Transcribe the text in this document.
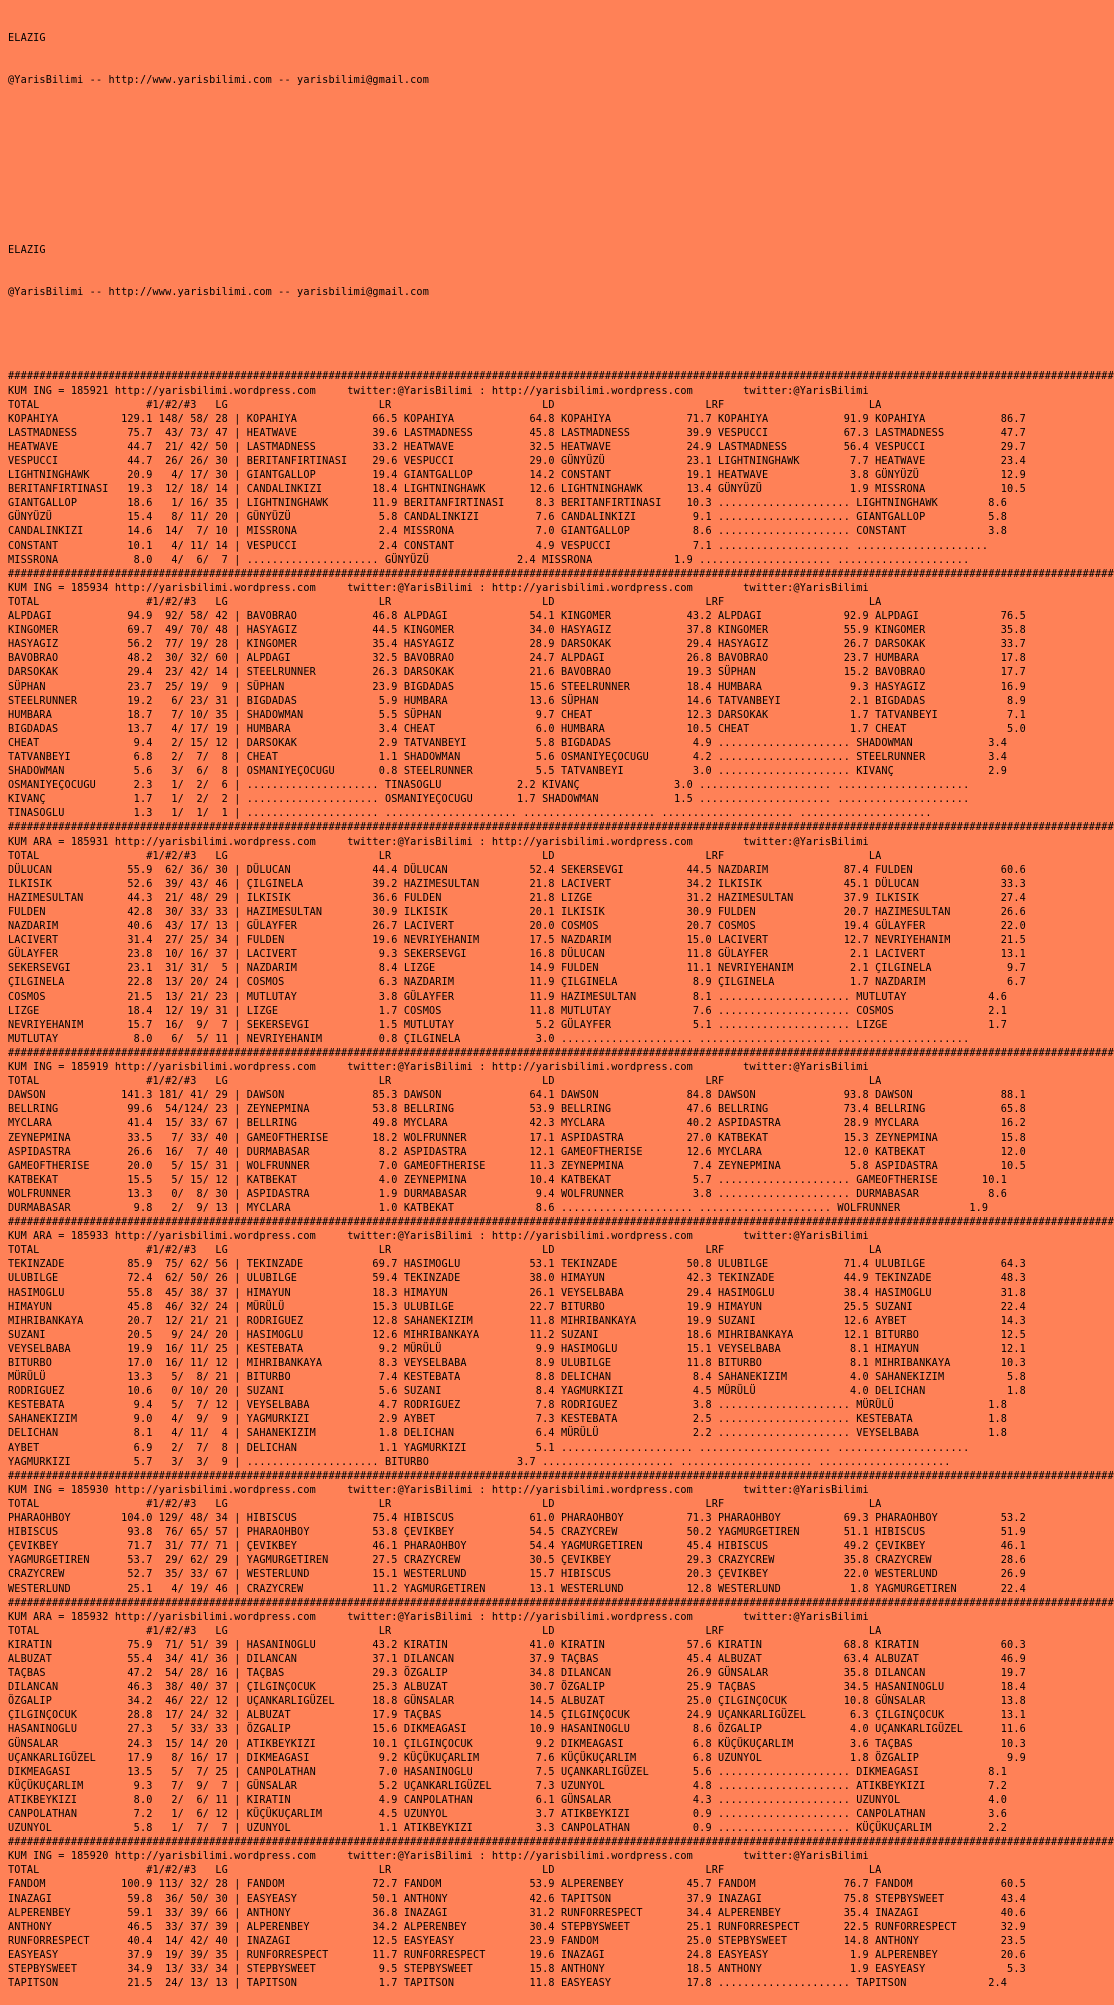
ELAZIG

@YarisBilimi -- http://www.yarisbilimi.com -- yarisbilimi@gmail.com

ELAZIG

@YarisBilimi -- http://www.yarisbilimi.com -- yarisbilimi@gmail.com

################################################################################################################################################################################
KUM ING = 185921 http://yarisbilimi.wordpress.com     twitter:@YarisBilimi : http://yarisbilimi.wordpress.com        twitter:@YarisBilimi
TOTAL                 #1/#2/#3   LG                        LR                        LD                        LRF                       LA
KOPAHIYA          129.1 148/ 58/ 28 | KOPAHIYA            66.5 KOPAHIYA            64.8 KOPAHIYA            71.7 KOPAHIYA            91.9 KOPAHIYA            86.7
LASTMADNESS        75.7  43/ 73/ 47 | HEATWAVE            39.6 LASTMADNESS         45.8 LASTMADNESS         39.9 VESPUCCI            67.3 LASTMADNESS         47.7
HEATWAVE           44.7  21/ 42/ 50 | LASTMADNESS         33.2 HEATWAVE            32.5 HEATWAVE            24.9 LASTMADNESS         56.4 VESPUCCI            29.7
VESPUCCI           44.7  26/ 26/ 30 | BERITANFIRTINASI    29.6 VESPUCCI            29.0 GÜNYÜZÜ             23.1 LIGHTNINGHAWK        7.7 HEATWAVE            23.4
LIGHTNINGHAWK      20.9   4/ 17/ 30 | GIANTGALLOP         19.4 GIANTGALLOP         14.2 CONSTANT            19.1 HEATWAVE             3.8 GÜNYÜZÜ             12.9
BERITANFIRTINASI   19.3  12/ 18/ 14 | CANDALINKIZI        18.4 LIGHTNINGHAWK       12.6 LIGHTNINGHAWK       13.4 GÜNYÜZÜ              1.9 MISSRONA            10.5
GIANTGALLOP        18.6   1/ 16/ 35 | LIGHTNINGHAWK       11.9 BERITANFIRTINASI     8.3 BERITANFIRTINASI    10.3 ..................... LIGHTNINGHAWK        8.6
GÜNYÜZÜ            15.4   8/ 11/ 20 | GÜNYÜZÜ              5.8 CANDALINKIZI         7.6 CANDALINKIZI         9.1 ..................... GIANTGALLOP          5.8
CANDALINKIZI       14.6  14/  7/ 10 | MISSRONA             2.4 MISSRONA             7.0 GIANTGALLOP          8.6 ..................... CONSTANT             3.8
CONSTANT           10.1   4/ 11/ 14 | VESPUCCI             2.4 CONSTANT             4.9 VESPUCCI             7.1 ..................... .....................
MISSRONA            8.0   4/  6/  7 | ..................... GÜNYÜZÜ              2.4 MISSRONA             1.9 ..................... .....................
################################################################################################################################################################################
KUM ING = 185934 http://yarisbilimi.wordpress.com     twitter:@YarisBilimi : http://yarisbilimi.wordpress.com        twitter:@YarisBilimi
TOTAL                 #1/#2/#3   LG                        LR                        LD                        LRF                       LA
ALPDAGI            94.9  92/ 58/ 42 | BAVOBRAO            46.8 ALPDAGI             54.1 KINGOMER            43.2 ALPDAGI             92.9 ALPDAGI             76.5
KINGOMER           69.7  49/ 70/ 48 | HASYAGIZ            44.5 KINGOMER            34.0 HASYAGIZ            37.8 KINGOMER            55.9 KINGOMER            35.8
HASYAGIZ           56.2  77/ 19/ 28 | KINGOMER            35.4 HASYAGIZ            28.9 DARSOKAK            29.4 HASYAGIZ            26.7 DARSOKAK            33.7
BAVOBRAO           48.2  30/ 32/ 60 | ALPDAGI             32.5 BAVOBRAO            24.7 ALPDAGI             26.8 BAVOBRAO            23.7 HUMBARA             17.8
DARSOKAK           29.4  23/ 42/ 14 | STEELRUNNER         26.3 DARSOKAK            21.6 BAVOBRAO            19.3 SÜPHAN              15.2 BAVOBRAO            17.7
SÜPHAN             23.7  25/ 19/  9 | SÜPHAN              23.9 BIGDADAS            15.6 STEELRUNNER         18.4 HUMBARA              9.3 HASYAGIZ            16.9
STEELRUNNER        19.2   6/ 23/ 31 | BIGDADAS             5.9 HUMBARA             13.6 SÜPHAN              14.6 TATVANBEYI           2.1 BIGDADAS             8.9
HUMBARA            18.7   7/ 10/ 35 | SHADOWMAN            5.5 SÜPHAN               9.7 CHEAT               12.3 DARSOKAK             1.7 TATVANBEYI           7.1
BIGDADAS           13.7   4/ 17/ 19 | HUMBARA              3.4 CHEAT                6.0 HUMBARA             10.5 CHEAT                1.7 CHEAT                5.0
CHEAT               9.4   2/ 15/ 12 | DARSOKAK             2.9 TATVANBEYI           5.8 BIGDADAS             4.9 ..................... SHADOWMAN            3.4
TATVANBEYI          6.8   2/  7/  8 | CHEAT                1.1 SHADOWMAN            5.6 OSMANIYEÇOCUGU       4.2 ..................... STEELRUNNER          3.4
SHADOWMAN           5.6   3/  6/  8 | OSMANIYEÇOCUGU       0.8 STEELRUNNER          5.5 TATVANBEYI           3.0 ..................... KIVANÇ               2.9
OSMANIYEÇOCUGU      2.3   1/  2/  6 | ..................... TINASOGLU            2.2 KIVANÇ               3.0 ..................... .....................
KIVANÇ              1.7   1/  2/  2 | ..................... OSMANIYEÇOCUGU       1.7 SHADOWMAN            1.5 ..................... .....................
TINASOGLU           1.3   1/  1/  1 | ..................... ..................... ..................... ..................... .....................
################################################################################################################################################################################
KUM ARA = 185931 http://yarisbilimi.wordpress.com     twitter:@YarisBilimi : http://yarisbilimi.wordpress.com        twitter:@YarisBilimi
TOTAL                 #1/#2/#3   LG                        LR                        LD                        LRF                       LA
DÜLUCAN            55.9  62/ 36/ 30 | DÜLUCAN             44.4 DÜLUCAN             52.4 SEKERSEVGI          44.5 NAZDARIM            87.4 FULDEN              60.6
ILKISIK            52.6  39/ 43/ 46 | ÇILGINELA           39.2 HAZIMESULTAN        21.8 LACIVERT            34.2 ILKISIK             45.1 DÜLUCAN             33.3
HAZIMESULTAN       44.3  21/ 48/ 29 | ILKISIK             36.6 FULDEN              21.8 LIZGE               31.2 HAZIMESULTAN        37.9 ILKISIK             27.4
FULDEN             42.8  30/ 33/ 33 | HAZIMESULTAN        30.9 ILKISIK             20.1 ILKISIK             30.9 FULDEN              20.7 HAZIMESULTAN        26.6
NAZDARIM           40.6  43/ 17/ 13 | GÜLAYFER            26.7 LACIVERT            20.0 COSMOS              20.7 COSMOS              19.4 GÜLAYFER            22.0
LACIVERT           31.4  27/ 25/ 34 | FULDEN              19.6 NEVRIYEHANIM        17.5 NAZDARIM            15.0 LACIVERT            12.7 NEVRIYEHANIM        21.5
GÜLAYFER           23.8  10/ 16/ 37 | LACIVERT             9.3 SEKERSEVGI          16.8 DÜLUCAN             11.8 GÜLAYFER             2.1 LACIVERT            13.1
SEKERSEVGI         23.1  31/ 31/  5 | NAZDARIM             8.4 LIZGE               14.9 FULDEN              11.1 NEVRIYEHANIM         2.1 ÇILGINELA            9.7
ÇILGINELA          22.8  13/ 20/ 24 | COSMOS               6.3 NAZDARIM            11.9 ÇILGINELA            8.9 ÇILGINELA            1.7 NAZDARIM             6.7
COSMOS             21.5  13/ 21/ 23 | MUTLUTAY             3.8 GÜLAYFER            11.9 HAZIMESULTAN         8.1 ..................... MUTLUTAY             4.6
LIZGE              18.4  12/ 19/ 31 | LIZGE                1.7 COSMOS              11.8 MUTLUTAY             7.6 ..................... COSMOS               2.1
NEVRIYEHANIM       15.7  16/  9/  7 | SEKERSEVGI           1.5 MUTLUTAY             5.2 GÜLAYFER             5.1 ..................... LIZGE                1.7
MUTLUTAY            8.0   6/  5/ 11 | NEVRIYEHANIM         0.8 ÇILGINELA            3.0 ..................... ..................... .....................
################################################################################################################################################################################
KUM ING = 185919 http://yarisbilimi.wordpress.com     twitter:@YarisBilimi : http://yarisbilimi.wordpress.com        twitter:@YarisBilimi
TOTAL                 #1/#2/#3   LG                        LR                        LD                        LRF                       LA
DAWSON            141.3 181/ 41/ 29 | DAWSON              85.3 DAWSON              64.1 DAWSON              84.8 DAWSON              93.8 DAWSON              88.1
BELLRING           99.6  54/124/ 23 | ZEYNEPMINA          53.8 BELLRING            53.9 BELLRING            47.6 BELLRING            73.4 BELLRING            65.8
MYCLARA            41.4  15/ 33/ 67 | BELLRING            49.8 MYCLARA             42.3 MYCLARA             40.2 ASPIDASTRA          28.9 MYCLARA             16.2
ZEYNEPMINA         33.5   7/ 33/ 40 | GAMEOFTHERISE       18.2 WOLFRUNNER          17.1 ASPIDASTRA          27.0 KATBEKAT            15.3 ZEYNEPMINA          15.8
ASPIDASTRA         26.6  16/  7/ 40 | DURMABASAR           8.2 ASPIDASTRA          12.1 GAMEOFTHERISE       12.6 MYCLARA             12.0 KATBEKAT            12.0
GAMEOFTHERISE      20.0   5/ 15/ 31 | WOLFRUNNER           7.0 GAMEOFTHERISE       11.3 ZEYNEPMINA           7.4 ZEYNEPMINA           5.8 ASPIDASTRA          10.5
KATBEKAT           15.5   5/ 15/ 12 | KATBEKAT             4.0 ZEYNEPMINA          10.4 KATBEKAT             5.7 ..................... GAMEOFTHERISE       10.1
WOLFRUNNER         13.3   0/  8/ 30 | ASPIDASTRA           1.9 DURMABASAR           9.4 WOLFRUNNER           3.8 ..................... DURMABASAR           8.6
DURMABASAR          9.8   2/  9/ 13 | MYCLARA              1.0 KATBEKAT             8.6 ..................... ..................... WOLFRUNNER           1.9
################################################################################################################################################################################
KUM ARA = 185933 http://yarisbilimi.wordpress.com     twitter:@YarisBilimi : http://yarisbilimi.wordpress.com        twitter:@YarisBilimi
TOTAL                 #1/#2/#3   LG                        LR                        LD                        LRF                       LA
TEKINZADE          85.9  75/ 62/ 56 | TEKINZADE           69.7 HASIMOGLU           53.1 TEKINZADE           50.8 ULUBILGE            71.4 ULUBILGE            64.3
ULUBILGE           72.4  62/ 50/ 26 | ULUBILGE            59.4 TEKINZADE           38.0 HIMAYUN             42.3 TEKINZADE           44.9 TEKINZADE           48.3
HASIMOGLU          55.8  45/ 38/ 37 | HIMAYUN             18.3 HIMAYUN             26.1 VEYSELBABA          29.4 HASIMOGLU           38.4 HASIMOGLU           31.8
HIMAYUN            45.8  46/ 32/ 24 | MÜRÜLÜ              15.3 ULUBILGE            22.7 BITURBO             19.9 HIMAYUN             25.5 SUZANI              22.4
MIHRIBANKAYA       20.7  12/ 21/ 21 | RODRIGUEZ           12.8 SAHANEKIZIM         11.8 MIHRIBANKAYA        19.9 SUZANI              12.6 AYBET               14.3
SUZANI             20.5   9/ 24/ 20 | HASIMOGLU           12.6 MIHRIBANKAYA        11.2 SUZANI              18.6 MIHRIBANKAYA        12.1 BITURBO             12.5
VEYSELBABA         19.9  16/ 11/ 25 | KESTEBATA            9.2 MÜRÜLÜ               9.9 HASIMOGLU           15.1 VEYSELBABA           8.1 HIMAYUN             12.1
BITURBO            17.0  16/ 11/ 12 | MIHRIBANKAYA         8.3 VEYSELBABA           8.9 ULUBILGE            11.8 BITURBO              8.1 MIHRIBANKAYA        10.3
MÜRÜLÜ             13.3   5/  8/ 21 | BITURBO              7.4 KESTEBATA            8.8 DELICHAN             8.4 SAHANEKIZIM          4.0 SAHANEKIZIM          5.8
RODRIGUEZ          10.6   0/ 10/ 20 | SUZANI               5.6 SUZANI               8.4 YAGMURKIZI           4.5 MÜRÜLÜ               4.0 DELICHAN             1.8
KESTEBATA           9.4   5/  7/ 12 | VEYSELBABA           4.7 RODRIGUEZ            7.8 RODRIGUEZ            3.8 ..................... MÜRÜLÜ               1.8
SAHANEKIZIM         9.0   4/  9/  9 | YAGMURKIZI           2.9 AYBET                7.3 KESTEBATA            2.5 ..................... KESTEBATA            1.8
DELICHAN            8.1   4/ 11/  4 | SAHANEKIZIM          1.8 DELICHAN             6.4 MÜRÜLÜ               2.2 ..................... VEYSELBABA           1.8
AYBET               6.9   2/  7/  8 | DELICHAN             1.1 YAGMURKIZI           5.1 ..................... ..................... .....................
YAGMURKIZI          5.7   3/  3/  9 | ..................... BITURBO              3.7 ..................... ..................... .....................
################################################################################################################################################################################
KUM ING = 185930 http://yarisbilimi.wordpress.com     twitter:@YarisBilimi : http://yarisbilimi.wordpress.com        twitter:@YarisBilimi
TOTAL                 #1/#2/#3   LG                        LR                        LD                        LRF                       LA
PHARAOHBOY        104.0 129/ 48/ 34 | HIBISCUS            75.4 HIBISCUS            61.0 PHARAOHBOY          71.3 PHARAOHBOY          69.3 PHARAOHBOY          53.2
HIBISCUS           93.8  76/ 65/ 57 | PHARAOHBOY          53.8 ÇEVIKBEY            54.5 CRAZYCREW           50.2 YAGMURGETIREN       51.1 HIBISCUS            51.9
ÇEVIKBEY           71.7  31/ 77/ 71 | ÇEVIKBEY            46.1 PHARAOHBOY          54.4 YAGMURGETIREN       45.4 HIBISCUS            49.2 ÇEVIKBEY            46.1
YAGMURGETIREN      53.7  29/ 62/ 29 | YAGMURGETIREN       27.5 CRAZYCREW           30.5 ÇEVIKBEY            29.3 CRAZYCREW           35.8 CRAZYCREW           28.6
CRAZYCREW          52.7  35/ 33/ 67 | WESTERLUND          15.1 WESTERLUND          15.7 HIBISCUS            20.3 ÇEVIKBEY            22.0 WESTERLUND          26.9
WESTERLUND         25.1   4/ 19/ 46 | CRAZYCREW           11.2 YAGMURGETIREN       13.1 WESTERLUND          12.8 WESTERLUND           1.8 YAGMURGETIREN       22.4
################################################################################################################################################################################
KUM ARA = 185932 http://yarisbilimi.wordpress.com     twitter:@YarisBilimi : http://yarisbilimi.wordpress.com        twitter:@YarisBilimi
TOTAL                 #1/#2/#3   LG                        LR                        LD                        LRF                       LA
KIRATIN            75.9  71/ 51/ 39 | HASANINOGLU         43.2 KIRATIN             41.0 KIRATIN             57.6 KIRATIN             68.8 KIRATIN             60.3
ALBUZAT            55.4  34/ 41/ 36 | DILANCAN            37.1 DILANCAN            37.9 TAÇBAS              45.4 ALBUZAT             63.4 ALBUZAT             46.9
TAÇBAS             47.2  54/ 28/ 16 | TAÇBAS              29.3 ÖZGALIP             34.8 DILANCAN            26.9 GÜNSALAR            35.8 DILANCAN            19.7
DILANCAN           46.3  38/ 40/ 37 | ÇILGINÇOCUK         25.3 ALBUZAT             30.7 ÖZGALIP             25.9 TAÇBAS              34.5 HASANINOGLU         18.4
ÖZGALIP            34.2  46/ 22/ 12 | UÇANKARLIGÜZEL      18.8 GÜNSALAR            14.5 ALBUZAT             25.0 ÇILGINÇOCUK         10.8 GÜNSALAR            13.8
ÇILGINÇOCUK        28.8  17/ 24/ 32 | ALBUZAT             17.9 TAÇBAS              14.5 ÇILGINÇOCUK         24.9 UÇANKARLIGÜZEL       6.3 ÇILGINÇOCUK         13.1
HASANINOGLU        27.3   5/ 33/ 33 | ÖZGALIP             15.6 DIKMEAGASI          10.9 HASANINOGLU          8.6 ÖZGALIP              4.0 UÇANKARLIGÜZEL      11.6
GÜNSALAR           24.3  15/ 14/ 20 | ATIKBEYKIZI         10.1 ÇILGINÇOCUK          9.2 DIKMEAGASI           6.8 KÜÇÜKUÇARLIM         3.6 TAÇBAS              10.3
UÇANKARLIGÜZEL     17.9   8/ 16/ 17 | DIKMEAGASI           9.2 KÜÇÜKUÇARLIM         7.6 KÜÇÜKUÇARLIM         6.8 UZUNYOL              1.8 ÖZGALIP              9.9
DIKMEAGASI         13.5   5/  7/ 25 | CANPOLATHAN          7.0 HASANINOGLU          7.5 UÇANKARLIGÜZEL       5.6 ..................... DIKMEAGASI           8.1
KÜÇÜKUÇARLIM        9.3   7/  9/  7 | GÜNSALAR             5.2 UÇANKARLIGÜZEL       7.3 UZUNYOL              4.8 ..................... ATIKBEYKIZI          7.2
ATIKBEYKIZI         8.0   2/  6/ 11 | KIRATIN              4.9 CANPOLATHAN          6.1 GÜNSALAR             4.3 ..................... UZUNYOL              4.0
CANPOLATHAN         7.2   1/  6/ 12 | KÜÇÜKUÇARLIM         4.5 UZUNYOL              3.7 ATIKBEYKIZI          0.9 ..................... CANPOLATHAN          3.6
UZUNYOL             5.8   1/  7/  7 | UZUNYOL              1.1 ATIKBEYKIZI          3.3 CANPOLATHAN          0.9 ..................... KÜÇÜKUÇARLIM         2.2
################################################################################################################################################################################
KUM ING = 185920 http://yarisbilimi.wordpress.com     twitter:@YarisBilimi : http://yarisbilimi.wordpress.com        twitter:@YarisBilimi
TOTAL                 #1/#2/#3   LG                        LR                        LD                        LRF                       LA
FANDOM            100.9 113/ 32/ 28 | FANDOM              72.7 FANDOM              53.9 ALPERENBEY          45.7 FANDOM              76.7 FANDOM              60.5
INAZAGI            59.8  36/ 50/ 30 | EASYEASY            50.1 ANTHONY             42.6 TAPITSON            37.9 INAZAGI             75.8 STEPBYSWEET         43.4
ALPERENBEY         59.1  33/ 39/ 66 | ANTHONY             36.8 INAZAGI             31.2 RUNFORRESPECT       34.4 ALPERENBEY          35.4 INAZAGI             40.6
ANTHONY            46.5  33/ 37/ 39 | ALPERENBEY          34.2 ALPERENBEY          30.4 STEPBYSWEET         25.1 RUNFORRESPECT       22.5 RUNFORRESPECT       32.9
RUNFORRESPECT      40.4  14/ 42/ 40 | INAZAGI             12.5 EASYEASY            23.9 FANDOM              25.0 STEPBYSWEET         14.8 ANTHONY             23.5
EASYEASY           37.9  19/ 39/ 35 | RUNFORRESPECT       11.7 RUNFORRESPECT       19.6 INAZAGI             24.8 EASYEASY             1.9 ALPERENBEY          20.6
STEPBYSWEET        34.9  13/ 33/ 34 | STEPBYSWEET          9.5 STEPBYSWEET         15.8 ANTHONY             18.5 ANTHONY              1.9 EASYEASY             5.3
TAPITSON           21.5  24/ 13/ 13 | TAPITSON             1.7 TAPITSON            11.8 EASYEASY            17.8 ..................... TAPITSON             2.4
